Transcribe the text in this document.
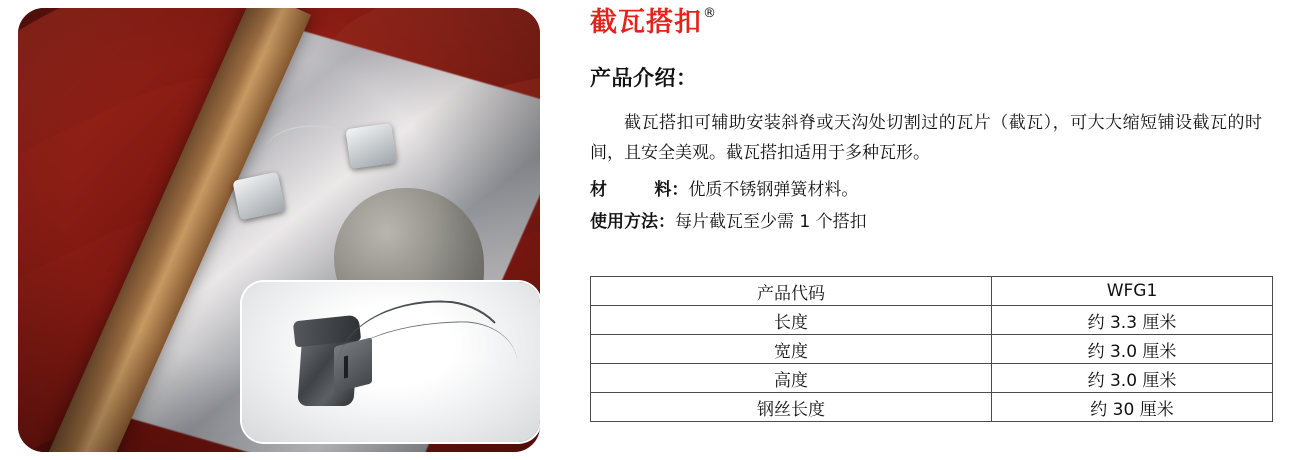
截瓦搭扣 ®
产品介绍：
截瓦搭扣可辅助安装斜脊或天沟处切割过的瓦片（截瓦），可大大缩短铺设截瓦的时间，且安全美观。截瓦搭扣适用于多种瓦形。
材        料： 优质不锈钢弹簧材料。
使用方法： 每片截瓦至少需 1 个搭扣
产品代码	WFG1
长度	约 3.3 厘米
宽度	约 3.0 厘米
高度	约 3.0 厘米
钢丝长度	约 30 厘米
